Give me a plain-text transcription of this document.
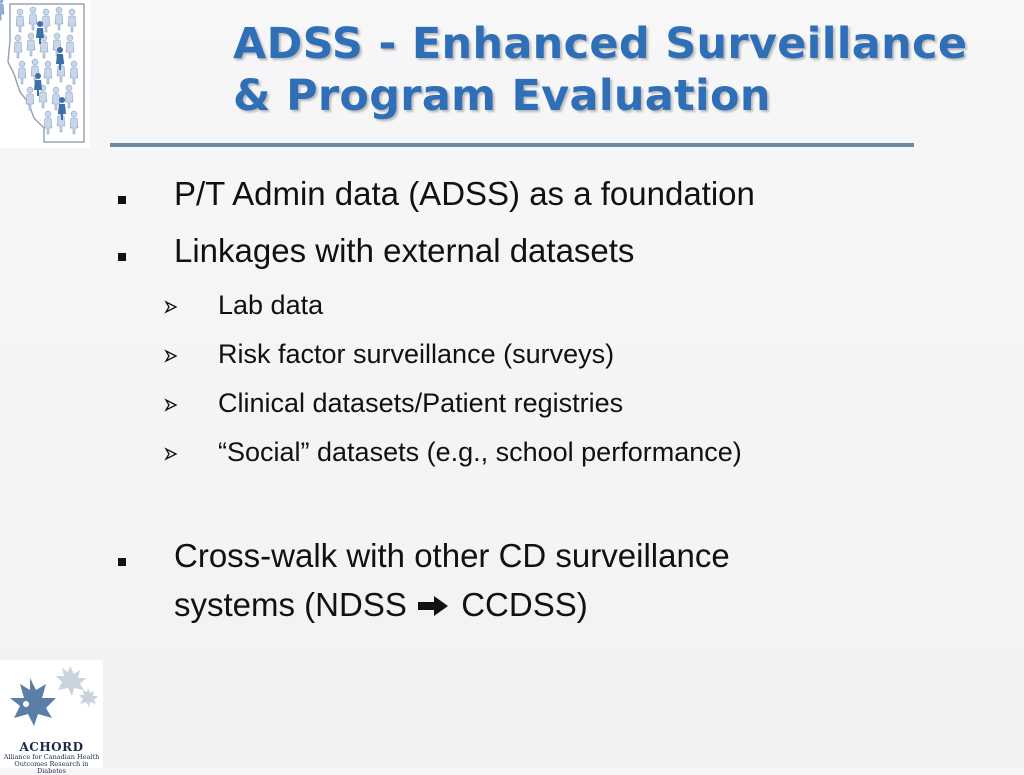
ADSS - Enhanced Surveillance
& Program Evaluation
P/T Admin data (ADSS) as a foundation
Linkages with external datasets
Lab data
Risk factor surveillance (surveys)
Clinical datasets/Patient registries
“Social” datasets (e.g., school performance)
Cross-walk with other CD surveillance
systems (NDSS  CCDSS)
ACHORD
Alliance for Canadian Health
Outcomes Research in Diabetes
